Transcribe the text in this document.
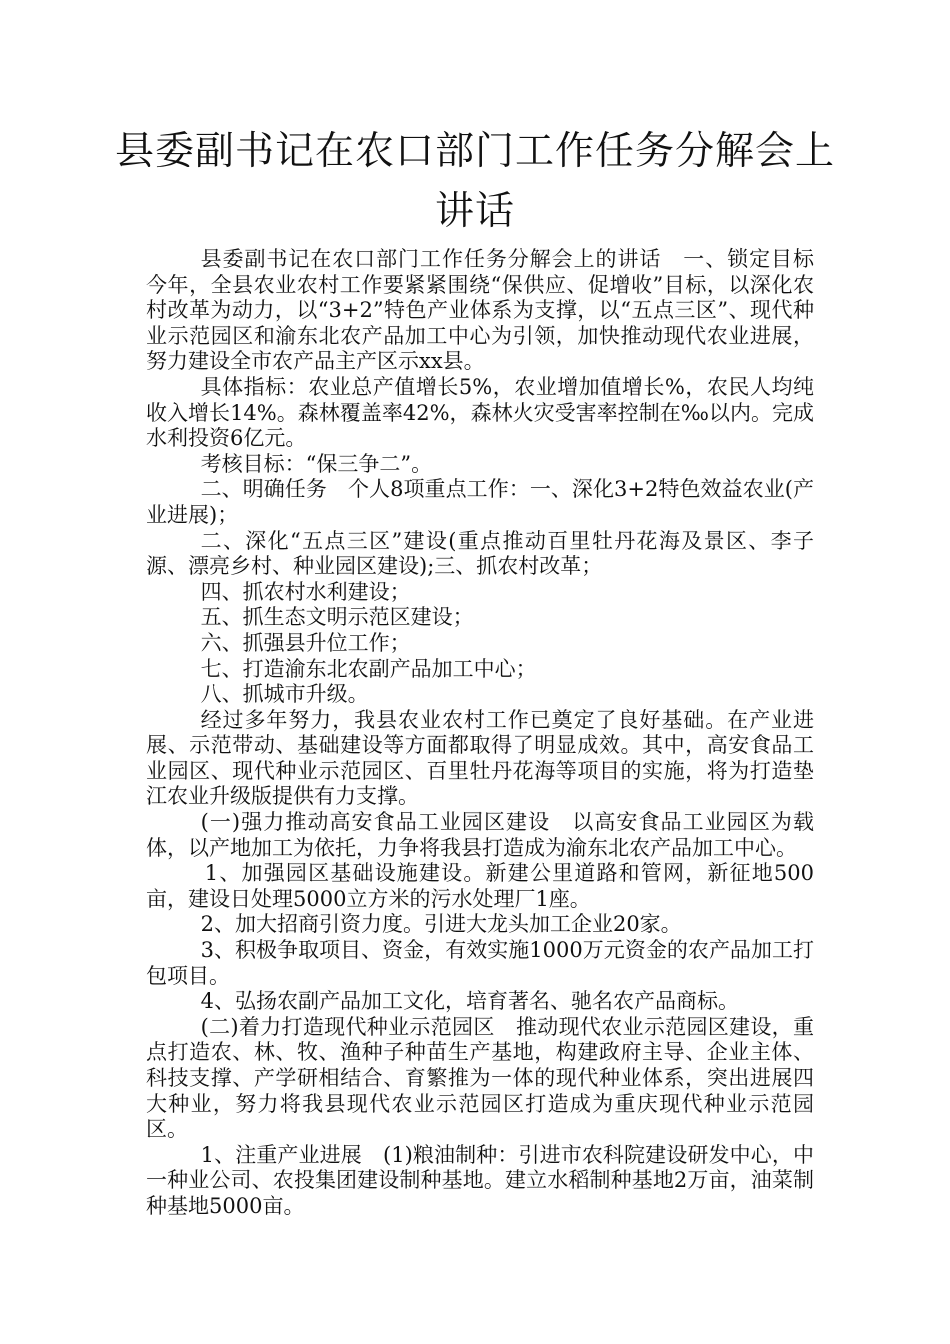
县委副书记在农口部门工作任务分解会上
讲话

县委副书记在农口部门工作任务分解会上的讲话　一、锁定目标　今年，全县农业农村工作要紧紧围绕“保供应、促增收”目标，以深化农村改革为动力，以“3+2”特色产业体系为支撑，以“五点三区”、现代种业示范园区和渝东北农产品加工中心为引领，加快推动现代农业进展，努力建设全市农产品主产区示xx县。

具体指标：农业总产值增长5%，农业增加值增长%，农民人均纯收入增长14%。森林覆盖率42%，森林火灾受害率控制在‰以内。完成水利投资6亿元。

考核目标：“保三争二”。

二、明确任务　个人8项重点工作：一、深化3+2特色效益农业(产业进展)；

二、深化“五点三区”建设(重点推动百里牡丹花海及景区、李子源、漂亮乡村、种业园区建设);三、抓农村改革；

四、抓农村水利建设；

五、抓生态文明示范区建设；

六、抓强县升位工作；

七、打造渝东北农副产品加工中心；

八、抓城市升级。

经过多年努力，我县农业农村工作已奠定了良好基础。在产业进展、示范带动、基础建设等方面都取得了明显成效。其中，高安食品工业园区、现代种业示范园区、百里牡丹花海等项目的实施，将为打造垫江农业升级版提供有力支撑。

(一)强力推动高安食品工业园区建设　以高安食品工业园区为载体，以产地加工为依托，力争将我县打造成为渝东北农产品加工中心。

1、加强园区基础设施建设。新建公里道路和管网，新征地500亩，建设日处理5000立方米的污水处理厂1座。

2、加大招商引资力度。引进大龙头加工企业20家。

3、积极争取项目、资金，有效实施1000万元资金的农产品加工打包项目。

4、弘扬农副产品加工文化，培育著名、驰名农产品商标。

(二)着力打造现代种业示范园区　推动现代农业示范园区建设，重点打造农、林、牧、渔种子种苗生产基地，构建政府主导、企业主体、科技支撑、产学研相结合、育繁推为一体的现代种业体系，突出进展四大种业，努力将我县现代农业示范园区打造成为重庆现代种业示范园区。

1、注重产业进展　(1)粮油制种：引进市农科院建设研发中心，中一种业公司、农投集团建设制种基地。建立水稻制种基地2万亩，油菜制种基地5000亩。
